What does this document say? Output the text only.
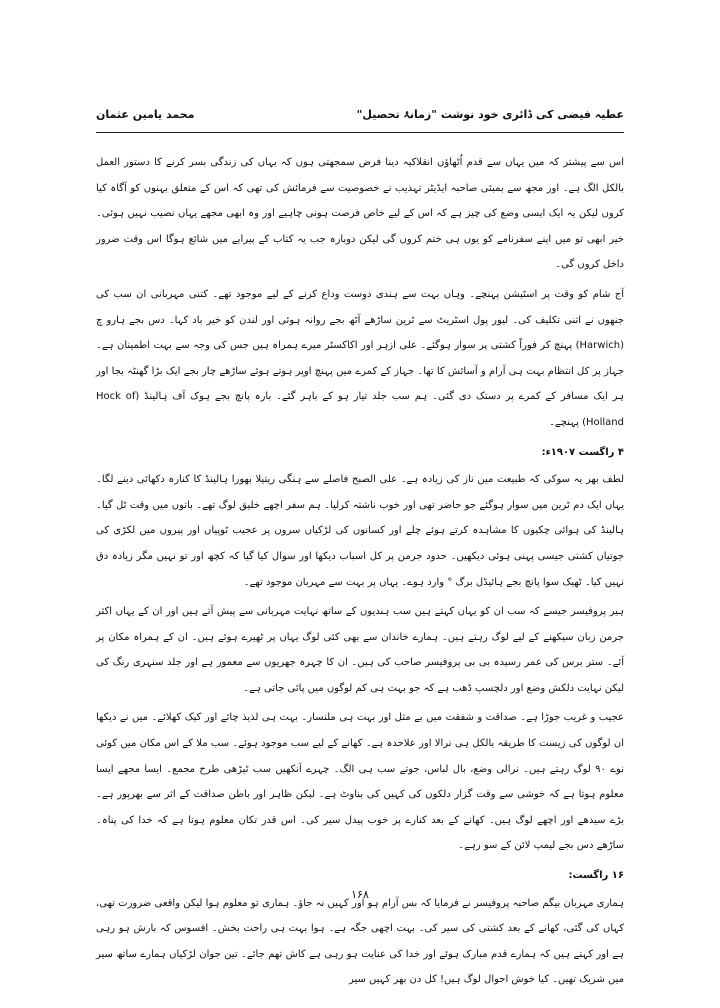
عطیہ فیضی کی ڈائری خود نوشت "زمانۂ تحصیل"
محمد یامین عثمان

اس سے پیشتر کہ میں یہاں سے قدم اُٹھاؤں انقلاکیہ دینا فرض سمجھتی ہوں کہ یہاں کی زندگی بسر کرنے کا دستور العمل بالکل الگ ہے۔ اور مجھ سے بمبئی صاحبہ ایڈیٹر تہذیب نے خصوصیت سے فرمائش کی تھی کہ اس کے متعلق بہنوں کو آگاہ کیا کروں لیکن یہ ایک ایسی وضع کی چیز ہے کہ اس کے لیے خاص فرصت ہونی چاہیے اور وہ ابھی مجھے یہاں نصیب نہیں ہوئی۔ خیر ابھی تو میں اپنے سفرنامے کو یوں ہی ختم کروں گی لیکن دوبارہ جب یہ کتاب کے پیرایے میں شائع ہوگا اس وقت ضرور داخل کروں گی۔

آج شام کو وقت پر اسٹیشن پہنچے۔ وہاں بہت سے ہندی دوست وداع کرنے کے لیے موجود تھے۔ کتنی مہربانی ان سب کی جنھوں نے اتنی تکلیف کی۔ لیور پول اسٹریٹ سے ٹرین ساڑھے آٹھ بجے روانہ ہوئی اور لندن کو خیر باد کہا۔ دس بجے ہارو چ (Harwich) پہنچ کر فوراً کشتی پر سوار ہوگئے۔ علی ازہر اور اکاکسٹر میرے ہمراہ ہیں جس کی وجہ سے بہت اطمینان ہے۔ جہاز پر کل انتظام بہت ہی آرام و آسائش کا تھا۔ جہاز کے کمرے میں پہنچ اوپر ہوتے ہوئے ساڑھے چار بجے ایک بڑا گھنٹہ بجا اور ہر ایک مسافر کے کمرے پر دستک دی گئی۔ ہم سب جلد تیار ہو کے باہر گئے۔ بارہ پانچ بجے ہوک آف ہالینڈ (Hock of Holland) پہنچے۔

۴ راگست ۱۹۰۷ء:

لطف بھر یہ سوکی کہ طبیعت میں ناز کی زیادہ ہے۔ علی الصبح فاصلے سے ہنگی ریتیلا بھورا ہالینڈ کا کنارہ دکھائی دینے لگا۔ یہاں ایک دم ٹرین میں سوار ہوگئے جو حاضر تھی اور خوب ناشتہ کرلیا۔ ہم سفر اچھے خلیق لوگ تھے۔ باتوں میں وقت ٹل گیا۔ ہالینڈ کی ہوائی چکیوں کا مشاہدہ کرتے ہوئے چلے اور کسانوں کی لڑکیاں سروں پر عجیب ٹوپیاں اور پیروں میں لکڑی کی جوتیاں کشتی جیسی پہنی ہوئی دیکھیں۔ حدود جرمن پر کل اسباب دیکھا اور سوال کیا گیا کہ کچھ اور تو نہیں مگر زیادہ دق نہیں کیا۔ ٹھیک سوا پانچ بجے ہائیڈل برگ ° وارد ہوے۔ یہاں پر بہت سے مہربان موجود تھے۔

ہیر پروفیسر جیسے کہ سب ان کو یہاں کہتے ہیں سب ہندیوں کے ساتھ نہایت مہربانی سے پیش آتے ہیں اور ان کے یہاں اکثر جرمن زبان سیکھنے کے لیے لوگ رہتے ہیں۔ ہمارے خاندان سے بھی کئی لوگ یہاں پر ٹھیرے ہوئے ہیں۔ ان کے ہمراہ مکان پر آئے۔ ستر برس کی عمر رسیدہ بی بی پروفیسر صاحب کی ہیں۔ ان کا چہرہ جھریوں سے معمور ہے اور جلد سنہری رنگ کی لیکن نہایت دلکش وضع اور دلچسپ ڈھب ہے کہ جو بہت ہی کم لوگوں میں پائی جاتی ہے۔

عجیب و غریب جوڑا ہے۔ صداقت و شفقت میں بے مثل اور بہت ہی ملنسار۔ بہت ہی لذیذ چائے اور کیک کھلائے۔ میں نے دیکھا ان لوگوں کی زیست کا طریقہ بالکل ہی نرالا اور علاحدہ ہے۔ کھانے کے لیے سب موجود ہوئے۔ سب ملا کے اس مکان میں کوئی نوے ۹۰ لوگ رہتے ہیں۔ نرالی وضع، بال لباس، جوتے سب ہی الگ۔ چہرے آنکھیں سب ٹیڑھی طرح مجمع۔ ایسا مجھے ایسا معلوم ہوتا ہے کہ خوشی سے وقت گزار دلکوں کی کہیں کی بناوٹ ہے۔ لیکن ظاہر اور باطن صداقت کے اثر سے بھرپور ہے۔ بڑے سیدھے اور اچھے لوگ ہیں۔ کھانے کے بعد کنارے پر خوب پیدل سیر کی۔ اس قدر تکان معلوم ہوتا ہے کہ خدا کی پناہ۔ ساڑھے دس بجے لیمپ لائن کے سو رہے۔

۱۶ راگست:

ہماری مہربان بیگم صاحبہ پروفیسر نے فرمایا کہ بس آرام ہو اور کہیں نہ جاؤ۔ ہماری تو معلوم ہوا لیکن واقعی ضرورت تھی، کہاں کی گئی، کھانے کے بعد کشتی کی سیر کی۔ بہت اچھی جگہ ہے۔ ہوا بہت ہی راحت بخش۔ افسوس کہ بارش ہو رہی ہے اور کہتے ہیں کہ ہمارے قدم مبارک ہوئے اور خدا کی عنایت ہو رہی ہے کاش تھم جائے۔ تین جوان لڑکیاں ہمارے ساتھ سیر میں شریک تھیں۔ کیا خوش احوال لوگ ہیں! کل دن بھر کہیں سیر

۱۶۸
